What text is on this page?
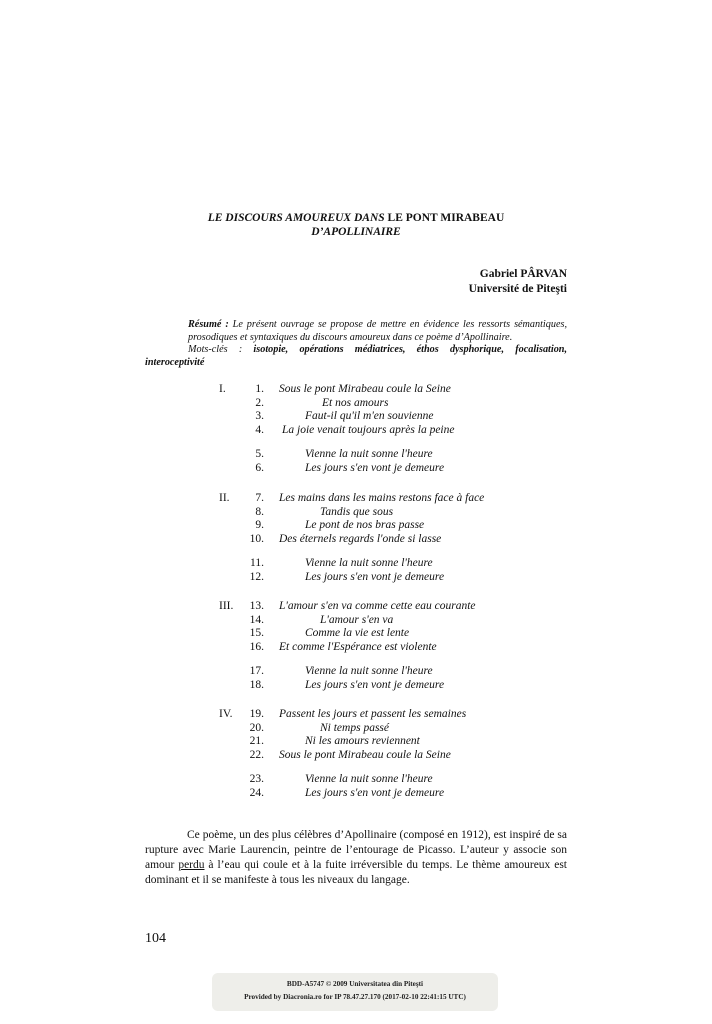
LE DISCOURS AMOUREUX DANS LE PONT MIRABEAU
D’APOLLINAIRE
Gabriel PÂRVAN
Université de Piteşti
Résumé : Le présent ouvrage se propose de mettre en évidence les ressorts sémantiques, prosodiques et syntaxiques du discours amoureux dans ce poème d’Apollinaire.
Mots-clés : isotopie, opérations médiatrices, éthos dysphorique, focalisation, interoceptivité
I.	1. Sous le pont Mirabeau coule la Seine
2.	Et nos amours
3.	Faut-il qu'il m'en souvienne
4. La joie venait toujours après la peine
5.	Vienne la nuit sonne l'heure
6.	Les jours s'en vont je demeure
II.	7. Les mains dans les mains restons face à face
8.	Tandis que sous
9.	Le pont de nos bras passe
10. Des éternels regards l'onde si lasse
11.	Vienne la nuit sonne l'heure
12.	Les jours s'en vont je demeure
III.	13. L'amour s'en va comme cette eau courante
14.	L'amour s'en va
15.	Comme la vie est lente
16. Et comme l'Espérance est violente
17.	Vienne la nuit sonne l'heure
18.	Les jours s'en vont je demeure
IV.	19. Passent les jours et passent les semaines
20.	Ni temps passé
21.	Ni les amours reviennent
22. Sous le pont Mirabeau coule la Seine
23.	Vienne la nuit sonne l'heure
24.	Les jours s'en vont je demeure

Ce poème, un des plus célèbres d’Apollinaire (composé en 1912), est inspiré de sa rupture avec Marie Laurencin, peintre de l’entourage de Picasso. L’auteur y associe son amour perdu à l’eau qui coule et à la fuite irréversible du temps. Le thème amoureux est dominant et il se manifeste à tous les niveaux du langage.

104
BDD-A5747 © 2009 Universitatea din Piteşti
Provided by Diacronia.ro for IP 78.47.27.170 (2017-02-10 22:41:15 UTC)
